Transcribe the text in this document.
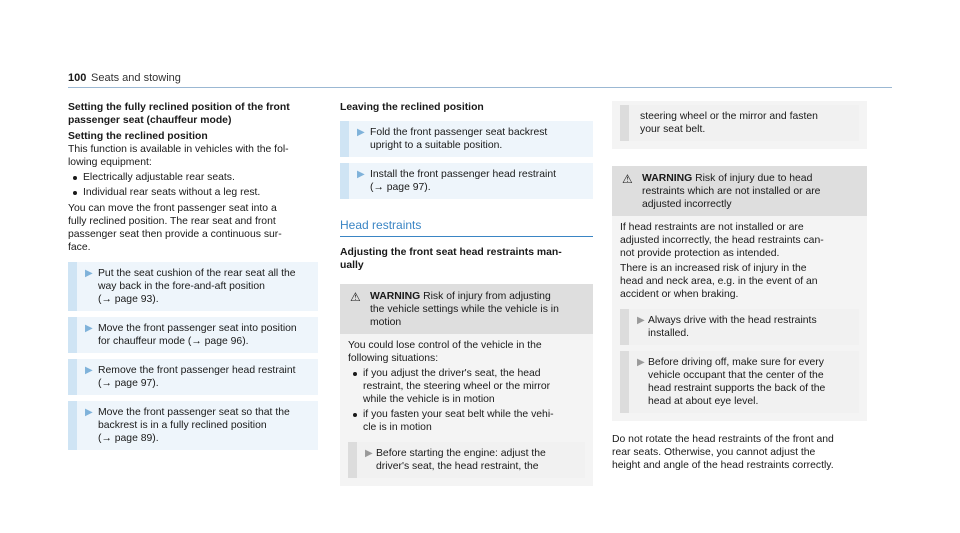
100 Seats and stowing
Setting the fully reclined position of the front
passenger seat (chauffeur mode)
Setting the reclined position
This function is available in vehicles with the fol-
lowing equipment:
Electrically adjustable rear seats.
Individual rear seats without a leg rest.
You can move the front passenger seat into a
fully reclined position. The rear seat and front
passenger seat then provide a continuous sur-
face.
▶ Put the seat cushion of the rear seat all the
way back in the fore-and-aft position
(→ page 93).
▶ Move the front passenger seat into position
for chauffeur mode (→ page 96).
▶ Remove the front passenger head restraint
(→ page 97).
▶ Move the front passenger seat so that the
backrest is in a fully reclined position
(→ page 89).
Leaving the reclined position
▶ Fold the front passenger seat backrest
upright to a suitable position.
▶ Install the front passenger head restraint
(→ page 97).
Head restraints
Adjusting the front seat head restraints man-
ually
⚠ WARNING Risk of injury from adjusting
the vehicle settings while the vehicle is in
motion
You could lose control of the vehicle in the
following situations:
if you adjust the driver's seat, the head
restraint, the steering wheel or the mirror
while the vehicle is in motion
if you fasten your seat belt while the vehi-
cle is in motion
▶ Before starting the engine: adjust the
driver's seat, the head restraint, the
steering wheel or the mirror and fasten
your seat belt.
⚠ WARNING Risk of injury due to head
restraints which are not installed or are
adjusted incorrectly
If head restraints are not installed or are
adjusted incorrectly, the head restraints can-
not provide protection as intended.
There is an increased risk of injury in the
head and neck area, e.g. in the event of an
accident or when braking.
▶ Always drive with the head restraints
installed.
▶ Before driving off, make sure for every
vehicle occupant that the center of the
head restraint supports the back of the
head at about eye level.
Do not rotate the head restraints of the front and
rear seats. Otherwise, you cannot adjust the
height and angle of the head restraints correctly.
